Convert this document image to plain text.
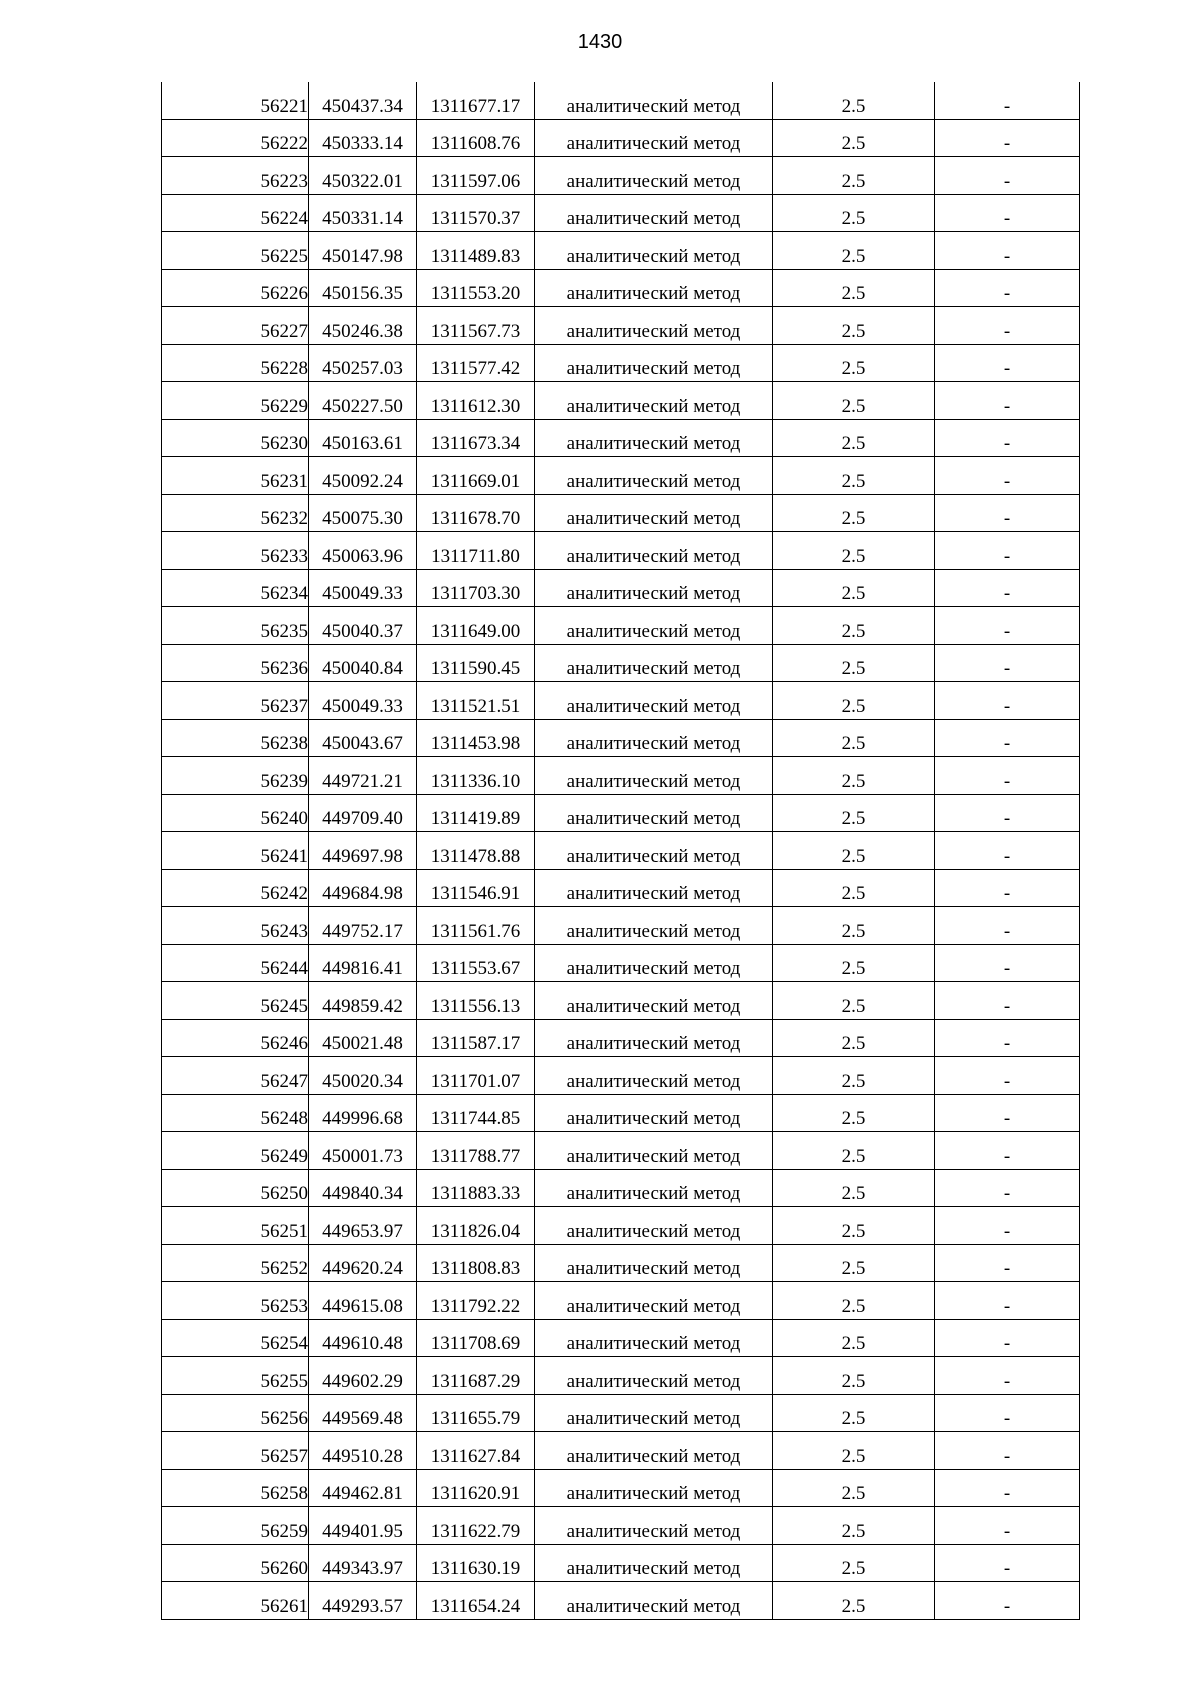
1430
56221	450437.34	1311677.17	аналитический метод	2.5	-
56222	450333.14	1311608.76	аналитический метод	2.5	-
56223	450322.01	1311597.06	аналитический метод	2.5	-
56224	450331.14	1311570.37	аналитический метод	2.5	-
56225	450147.98	1311489.83	аналитический метод	2.5	-
56226	450156.35	1311553.20	аналитический метод	2.5	-
56227	450246.38	1311567.73	аналитический метод	2.5	-
56228	450257.03	1311577.42	аналитический метод	2.5	-
56229	450227.50	1311612.30	аналитический метод	2.5	-
56230	450163.61	1311673.34	аналитический метод	2.5	-
56231	450092.24	1311669.01	аналитический метод	2.5	-
56232	450075.30	1311678.70	аналитический метод	2.5	-
56233	450063.96	1311711.80	аналитический метод	2.5	-
56234	450049.33	1311703.30	аналитический метод	2.5	-
56235	450040.37	1311649.00	аналитический метод	2.5	-
56236	450040.84	1311590.45	аналитический метод	2.5	-
56237	450049.33	1311521.51	аналитический метод	2.5	-
56238	450043.67	1311453.98	аналитический метод	2.5	-
56239	449721.21	1311336.10	аналитический метод	2.5	-
56240	449709.40	1311419.89	аналитический метод	2.5	-
56241	449697.98	1311478.88	аналитический метод	2.5	-
56242	449684.98	1311546.91	аналитический метод	2.5	-
56243	449752.17	1311561.76	аналитический метод	2.5	-
56244	449816.41	1311553.67	аналитический метод	2.5	-
56245	449859.42	1311556.13	аналитический метод	2.5	-
56246	450021.48	1311587.17	аналитический метод	2.5	-
56247	450020.34	1311701.07	аналитический метод	2.5	-
56248	449996.68	1311744.85	аналитический метод	2.5	-
56249	450001.73	1311788.77	аналитический метод	2.5	-
56250	449840.34	1311883.33	аналитический метод	2.5	-
56251	449653.97	1311826.04	аналитический метод	2.5	-
56252	449620.24	1311808.83	аналитический метод	2.5	-
56253	449615.08	1311792.22	аналитический метод	2.5	-
56254	449610.48	1311708.69	аналитический метод	2.5	-
56255	449602.29	1311687.29	аналитический метод	2.5	-
56256	449569.48	1311655.79	аналитический метод	2.5	-
56257	449510.28	1311627.84	аналитический метод	2.5	-
56258	449462.81	1311620.91	аналитический метод	2.5	-
56259	449401.95	1311622.79	аналитический метод	2.5	-
56260	449343.97	1311630.19	аналитический метод	2.5	-
56261	449293.57	1311654.24	аналитический метод	2.5	-
